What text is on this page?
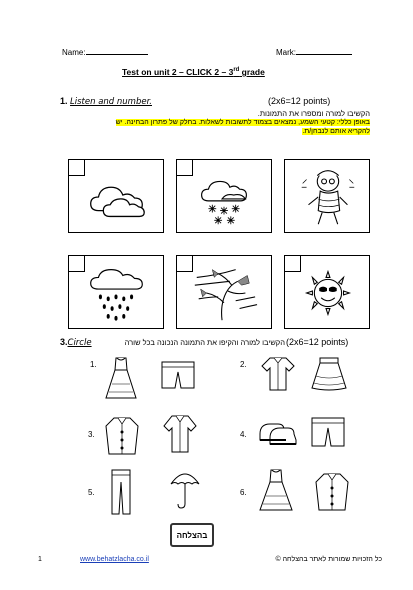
Name:	Mark:
Test on unit 2 – CLICK 2 – 3rd grade
1. Listen and number.	(2x6=12 points)
הקשיבו למורה ומספרו את התמונות.
באופן כללי: קטעי השמע, נמצאים בצמוד לתשובות לשאלות. בחלק של פתרון הבחינה. יש
להקריא אותם לנבחן/ת.
3.Circle	הקשיבו למורה והקיפו את התמונה הנכונה בכל שורה (2x6=12 points)
1.	2.
3.	4.
5.	6.
בהצלחה
1	www.behatzlacha.co.il	כל הזכויות שמורות לאתר בהצלחה ©
